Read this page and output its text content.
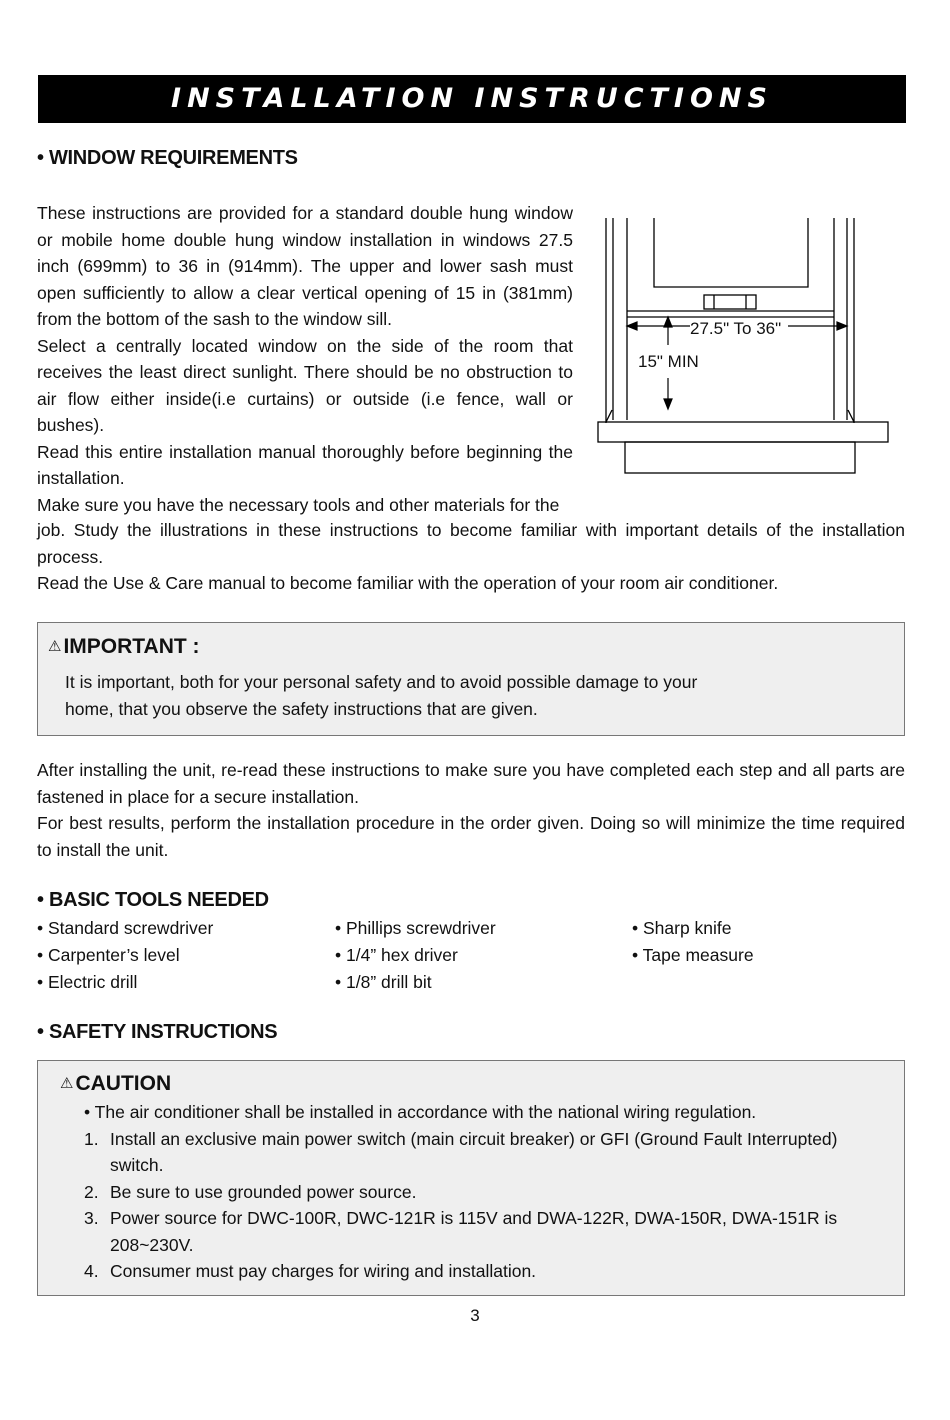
INSTALLATION INSTRUCTIONS
• WINDOW REQUIREMENTS

These instructions are provided for a standard double hung window or mobile home double hung window installation in windows 27.5 inch (699mm) to 36 in (914mm). The upper and lower sash must open sufficiently to allow a clear vertical opening of 15 in (381mm) from the bottom of the sash to the window sill.

Select a centrally located window on the side of the room that receives the least direct sunlight. There should be no obstruction to air flow either inside(i.e curtains) or outside (i.e fence, wall or bushes).

Read this entire installation manual thoroughly before beginning the installation.

Make sure you have the necessary tools and other materials for the

27.5" To 36"
15" MIN

job. Study the illustrations in these instructions to become familiar with important details of the installation process.

Read the Use & Care manual to become familiar with the operation of your room air conditioner.

⚠IMPORTANT :
It is important, both for your personal safety and to avoid possible damage to your
home, that you observe the safety instructions that are given.

After installing the unit, re-read these instructions to make sure you have completed each step and all parts are fastened in place for a secure installation.

For best results, perform the installation procedure in the order given. Doing so will minimize the time required to install the unit.

• BASIC TOOLS NEEDED
• Standard screwdriver
• Carpenter’s level
• Electric drill
• Phillips screwdriver
• 1/4” hex driver
• 1/8” drill bit
• Sharp knife
• Tape measure
• SAFETY INSTRUCTIONS
⚠CAUTION
• The air conditioner shall be installed in accordance with the national wiring regulation.
1. Install an exclusive main power switch (main circuit breaker) or GFI (Ground Fault Interrupted) switch.
2. Be sure to use grounded power source.
3. Power source for DWC-100R, DWC-121R is 115V and DWA-122R, DWA-150R, DWA-151R is 208~230V.
4. Consumer must pay charges for wiring and installation.
3
